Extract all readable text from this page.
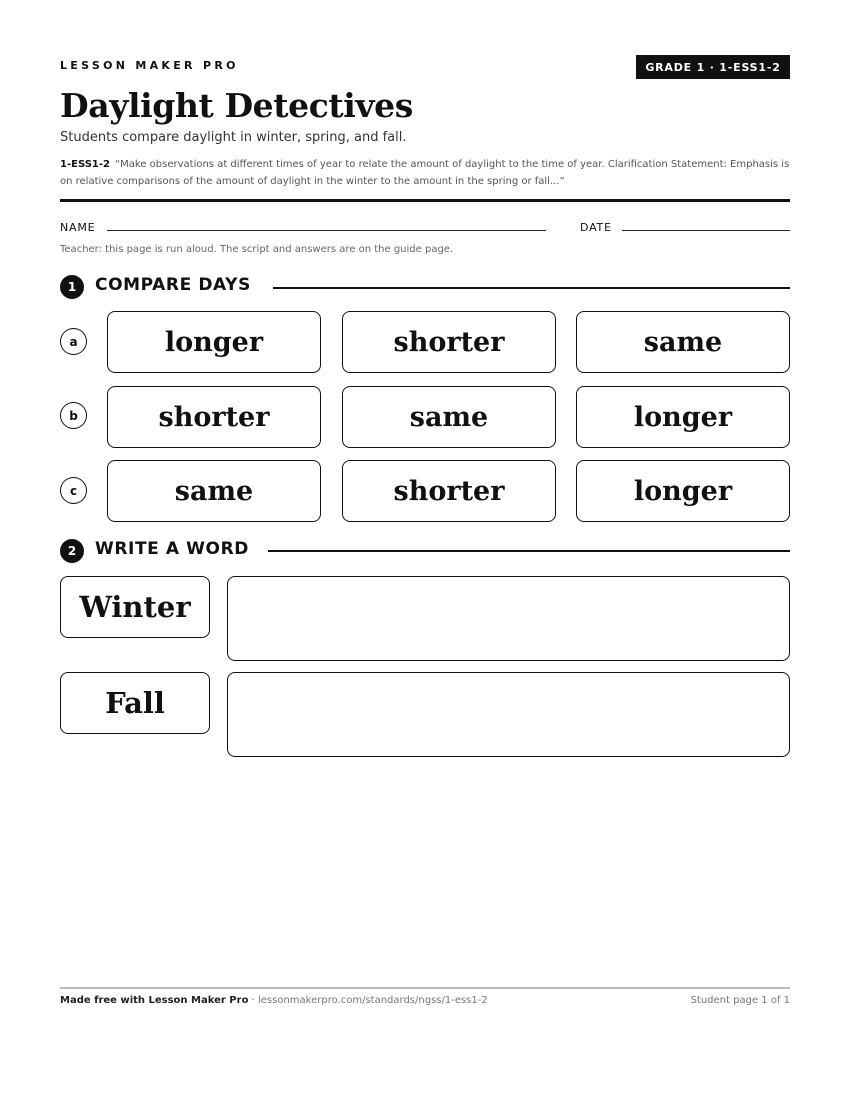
LESSON MAKER PRO	GRADE 1 · 1-ESS1-2
Daylight Detectives
Students compare daylight in winter, spring, and fall.
1-ESS1-2 “Make observations at different times of year to relate the amount of daylight to the time of year. Clarification Statement: Emphasis is on relative comparisons of the amount of daylight in the winter to the amount in the spring or fall...”
NAME	DATE
Teacher: this page is run aloud. The script and answers are on the guide page.
1	COMPARE DAYS
a	longer	shorter	same
b	shorter	same	longer
c	same	shorter	longer
2	WRITE A WORD
Winter
Fall
Made free with Lesson Maker Pro · lessonmakerpro.com/standards/ngss/1-ess1-2	Student page 1 of 1
